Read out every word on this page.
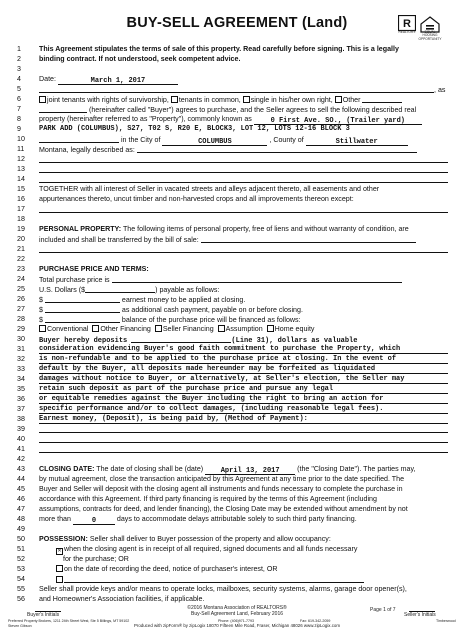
BUY-SELL AGREEMENT (Land)	R
REALTOR®	EQUAL HOUSING OPPORTUNITY
1	This Agreement stipulates the terms of sale of this property. Read carefully before signing. This is a legally
2	binding contract. If not understood, seek competent advice.
3
4	Date:	March 1, 2017
5	, as
6	joint tenants with rights of survivorship, tenants in common, single in his/her own right, Other
7	(hereinafter called "Buyer") agrees to purchase, and the Seller agrees to sell the following described real
8	property (hereinafter referred to as "Property"), commonly known as	0 First Ave. SO., (Trailer yard)
9	PARK ADD (COLUMBUS), S27, T02 S, R20 E, BLOCK3, LOT 12, LOTS 12-16 BLOCK 3
10	in the City of	COLUMBUS	, County of	Stillwater
11	Montana, legally described as:
12
13
14
15	TOGETHER with all interest of Seller in vacated streets and alleys adjacent thereto, all easements and other
16	appurtenances thereto, uncut timber and non-harvested crops and all improvements thereon except:
17
18
19	PERSONAL PROPERTY: The following items of personal property, free of liens and without warranty of condition, are
20	included and shall be transferred by the bill of sale:
21
22
23	PURCHASE PRICE AND TERMS:
24	Total purchase price is
25	U.S. Dollars ($	) payable as follows:
26	$	earnest money to be applied at closing.
27	$	as additional cash payment, payable on or before closing.
28	$	balance of the purchase price will be financed as follows:
29	Conventional Other Financing Seller Financing Assumption Home equity
30	Buyer hereby deposits	(Line 31), dollars as valuable
31	consideration evidencing Buyer's good faith commitment to purchase the Property, which
32	is non-refundable and to be applied to the purchase price at closing. In the event of
33	default by the Buyer, all deposits made hereunder may be forfeited as liquidated
34	damages without notice to Buyer, or alternatively, at Seller's election, the Seller may
35	retain such deposit as part of the purchase price and pursue any legal
36	or equitable remedies against the Buyer including the right to bring an action for
37	specific performance and/or to collect damages, (including reasonable legal fees).
38	Earnest money, (Deposit), is being paid by, (Method of Payment):
39
40
41
42
43	CLOSING DATE: The date of closing shall be (date)	April 13, 2017 (the "Closing Date"). The parties may,
44	by mutual agreement, close the transaction anticipated by this Agreement at any time prior to the date specified. The
45	Buyer and Seller will deposit with the closing agent all instruments and funds necessary to complete the purchase in
46	accordance with this Agreement. If third party financing is required by the terms of this Agreement (including
47	assumptions, contracts for deed, and lender financing), the Closing Date may be extended without amendment by not
48	more than	0	days to accommodate delays attributable solely to such third party financing.
49
50	POSSESSION: Seller shall deliver to Buyer possession of the property and allow occupancy:
51	✕ when the closing agent is in receipt of all required, signed documents and all funds necessary
52	for the purchase; OR
53	on the date of recording the deed, notice of purchaser's interest, OR
54
55	Seller shall provide keys and/or means to operate locks, mailboxes, security systems, alarms, garage door opener(s),
56	and Homeowner's Association facilities, if applicable.
©2016 Montana Association of REALTORS®
Buy-Sell Agreement Land, February 2016
Page 1 of 7
Seller's Initials
Buyer's Initials
Preferred Property Brokers, 1211 24th Street West, Ste 5 Billings, MT 59102	Phone: (406)971-7793	Fax: 619-342-2059	Timberwood
Steven Gibson	Produced with zipForm® by zipLogix 18070 Fifteen Mile Road, Fraser, Michigan 48026 www.zipLogix.com
